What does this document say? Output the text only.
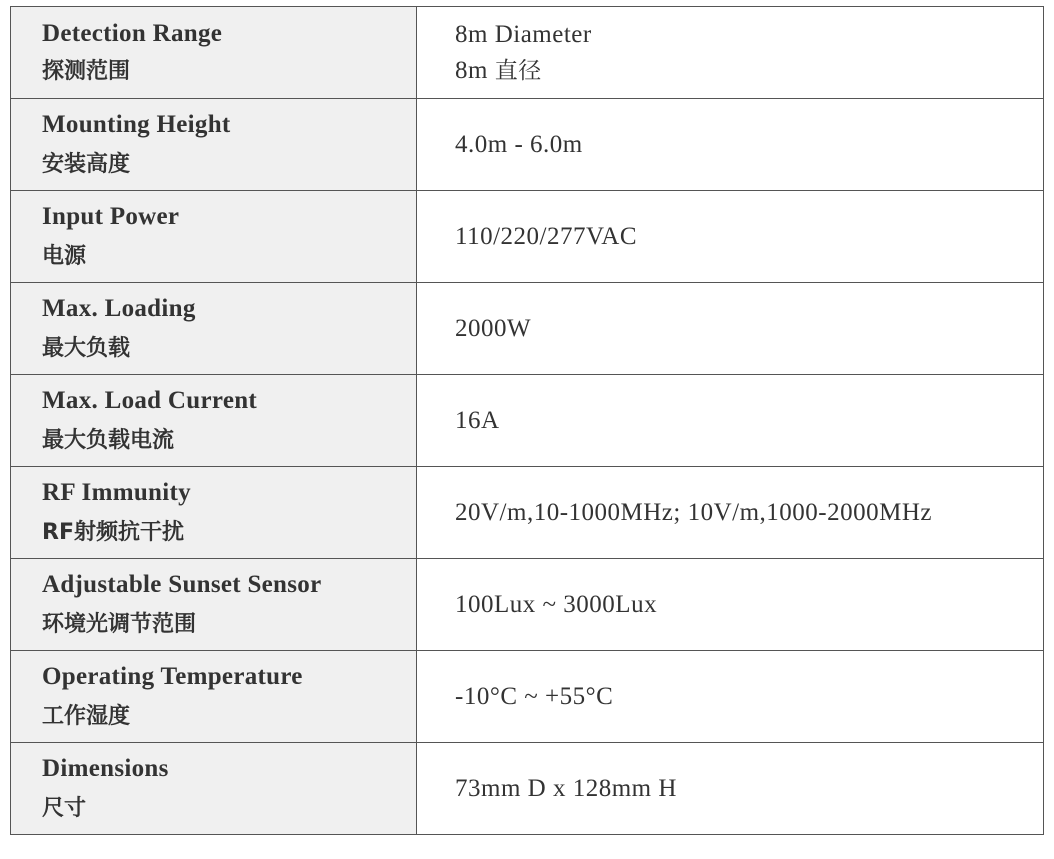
Detection Range
探测范围	8m Diameter
8m 直径

Mounting Height
安装高度	4.0m - 6.0m

Input Power
电源	110/220/277VAC

Max. Loading
最大负载	2000W

Max. Load Current
最大负载电流	16A

RF Immunity
RF射频抗干扰	20V/m,10-1000MHz; 10V/m,1000-2000MHz

Adjustable Sunset Sensor
环境光调节范围	100Lux ~ 3000Lux

Operating Temperature
工作湿度	-10°C ~ +55°C

Dimensions
尺寸	73mm D x 128mm H
